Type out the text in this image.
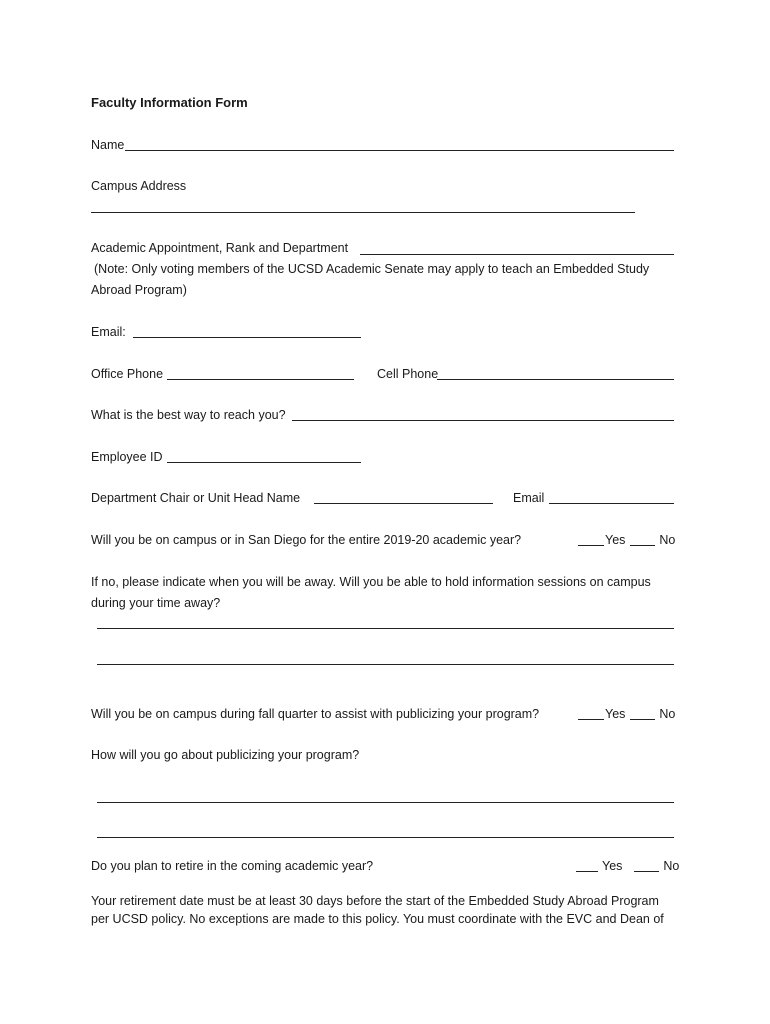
Faculty Information Form
Name
Campus Address
Academic Appointment, Rank and Department
(Note: Only voting members of the UCSD Academic Senate may apply to teach an Embedded Study
Abroad Program)
Email:
Office Phone	Cell Phone
What is the best way to reach you?
Employee ID
Department Chair or Unit Head Name	Email
Will you be on campus or in San Diego for the entire 2019-20 academic year?	Yes	No
If no, please indicate when you will be away. Will you be able to hold information sessions on campus
during your time away?
Will you be on campus during fall quarter to assist with publicizing your program?	Yes	No
How will you go about publicizing your program?
Do you plan to retire in the coming academic year?	Yes	No
Your retirement date must be at least 30 days before the start of the Embedded Study Abroad Program
per UCSD policy. No exceptions are made to this policy. You must coordinate with the EVC and Dean of
